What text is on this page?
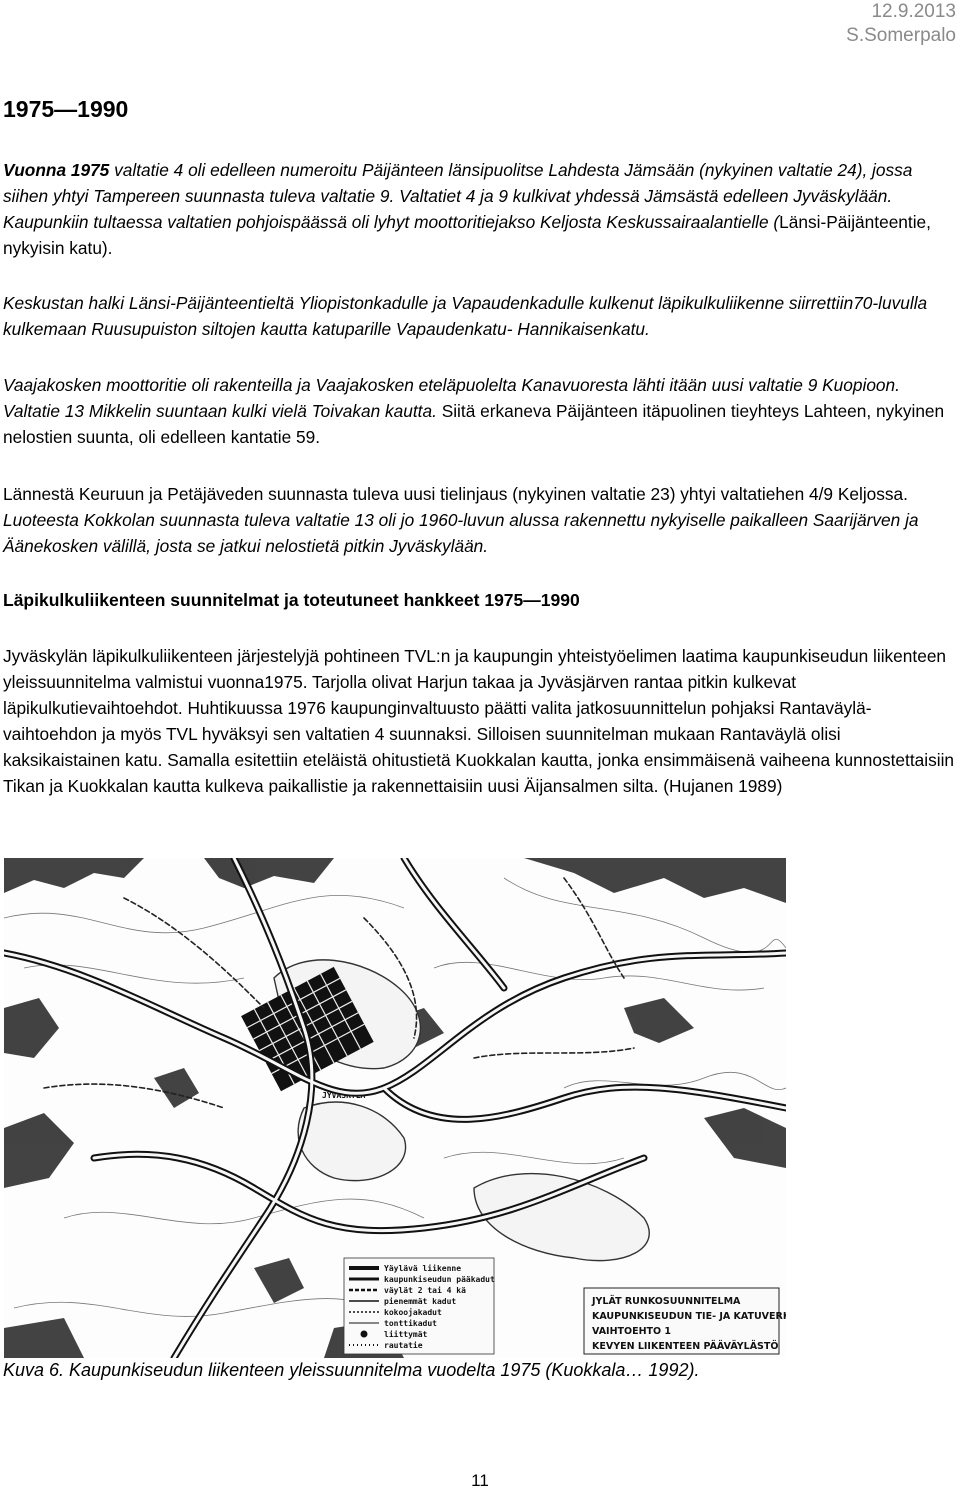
12.9.2013
S.Somerpalo
1975—1990

Vuonna 1975 valtatie 4 oli edelleen numeroitu Päijänteen länsipuolitse Lahdesta Jämsään (nykyinen valtatie 24), jossa siihen yhtyi Tampereen suunnasta tuleva valtatie 9. Valtatiet 4 ja 9 kulkivat yhdessä Jämsästä edelleen Jyväskylään. Kaupunkiin tultaessa valtatien pohjoispäässä oli lyhyt moottoritiejakso Keljosta Keskussairaalantielle (Länsi-Päijänteentie, nykyisin katu).

Keskustan halki Länsi-Päijänteentieltä Yliopistonkadulle ja Vapaudenkadulle kulkenut läpikulkuliikenne siirrettiin70-luvulla kulkemaan Ruusupuiston siltojen kautta katuparille Vapaudenkatu- Hannikaisenkatu.

Vaajakosken moottoritie oli rakenteilla ja Vaajakosken eteläpuolelta Kanavuoresta lähti itään uusi valtatie 9 Kuopioon. Valtatie 13 Mikkelin suuntaan kulki vielä Toivakan kautta. Siitä erkaneva Päijänteen itäpuolinen tieyhteys Lahteen, nykyinen nelostien suunta, oli edelleen kantatie 59.

Lännestä Keuruun ja Petäjäveden suunnasta tuleva uusi tielinjaus (nykyinen valtatie 23) yhtyi valtatiehen 4/9 Keljossa. Luoteesta Kokkolan suunnasta tuleva valtatie 13 oli jo 1960-luvun alussa rakennettu nykyiselle paikalleen Saarijärven ja Äänekosken välillä, josta se jatkui nelostietä pitkin Jyväskylään.

Läpikulkuliikenteen suunnitelmat ja toteutuneet hankkeet 1975—1990

Jyväskylän läpikulkuliikenteen järjestelyjä pohtineen TVL:n ja kaupungin yhteistyöelimen laatima kaupunkiseudun liikenteen yleissuunnitelma valmistui vuonna1975. Tarjolla olivat Harjun takaa ja Jyväsjärven rantaa pitkin kulkevat läpikulkutievaihtoehdot. Huhtikuussa 1976 kaupunginvaltuusto päätti valita jatkosuunnittelun pohjaksi Rantaväylä-vaihtoehdon ja myös TVL hyväksyi sen valtatien 4 suunnaksi. Silloisen suunnitelman mukaan Rantaväylä olisi kaksikaistainen katu. Samalla esitettiin eteläistä ohitustietä Kuokkalan kautta, jonka ensimmäisenä vaiheena kunnostettaisiin Tikan ja Kuokkalan kautta kulkeva paikallistie ja rakennettaisiin uusi Äijansalmen silta. (Hujanen 1989)

JYVÄSKYLÄ
Yäylävä liikenne
kaupunkiseudun pääkadut
väylät 2 tai 4 kä
pienemmät kadut
kokoojakadut
tonttikadut
liittymät
rautatie
JYLÄT RUNKOSUUNNITELMA
KAUPUNKISEUDUN TIE- JA KATUVERKKO
VAIHTOEHTO 1
KEVYEN LIIKENTEEN PÄÄVÄYLÄSTÖ
Kuva 6. Kaupunkiseudun liikenteen yleissuunnitelma vuodelta 1975 (Kuokkala… 1992).
11
